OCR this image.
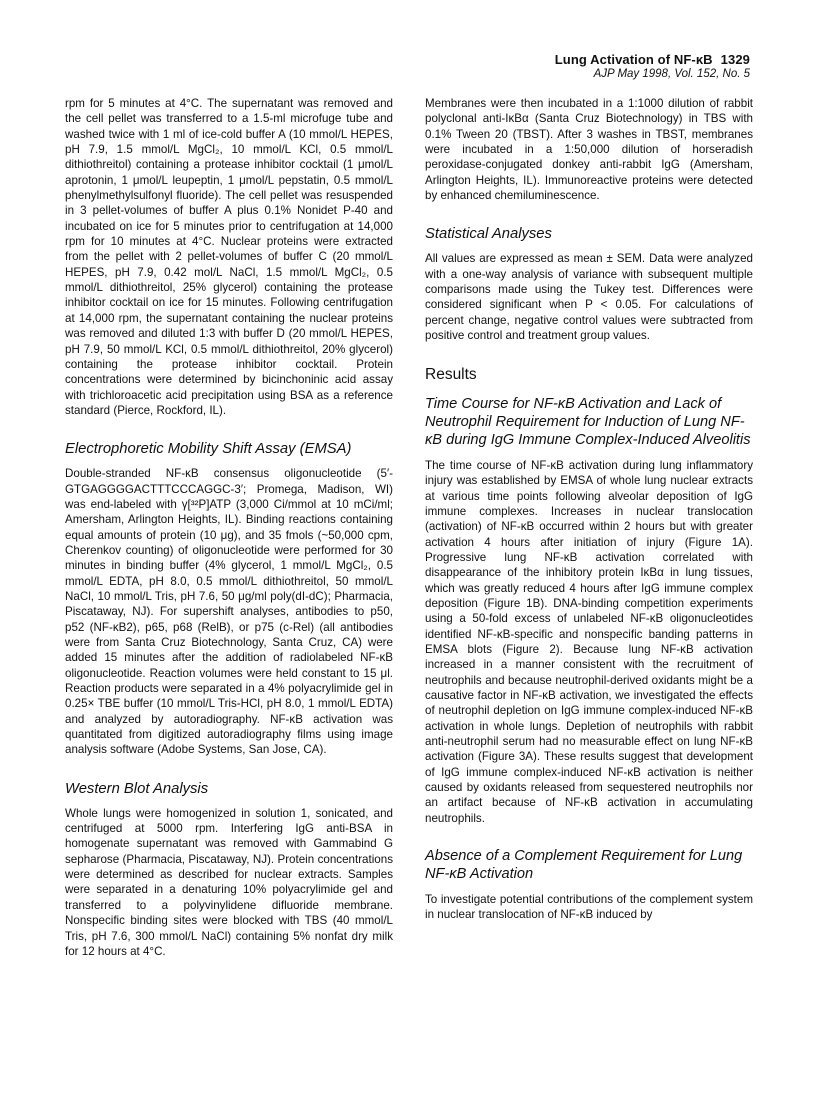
Lung Activation of NF-κB 1329
AJP May 1998, Vol. 152, No. 5

rpm for 5 minutes at 4°C. The supernatant was removed and the cell pellet was transferred to a 1.5-ml microfuge tube and washed twice with 1 ml of ice-cold buffer A (10 mmol/L HEPES, pH 7.9, 1.5 mmol/L MgCl₂, 10 mmol/L KCl, 0.5 mmol/L dithiothreitol) containing a protease inhibitor cocktail (1 μmol/L aprotonin, 1 μmol/L leupeptin, 1 μmol/L pepstatin, 0.5 mmol/L phenylmethylsulfonyl fluoride). The cell pellet was resuspended in 3 pellet-volumes of buffer A plus 0.1% Nonidet P-40 and incubated on ice for 5 minutes prior to centrifugation at 14,000 rpm for 10 minutes at 4°C. Nuclear proteins were extracted from the pellet with 2 pellet-volumes of buffer C (20 mmol/L HEPES, pH 7.9, 0.42 mol/L NaCl, 1.5 mmol/L MgCl₂, 0.5 mmol/L dithiothreitol, 25% glycerol) containing the protease inhibitor cocktail on ice for 15 minutes. Following centrifugation at 14,000 rpm, the supernatant containing the nuclear proteins was removed and diluted 1:3 with buffer D (20 mmol/L HEPES, pH 7.9, 50 mmol/L KCl, 0.5 mmol/L dithiothreitol, 20% glycerol) containing the protease inhibitor cocktail. Protein concentrations were determined by bicinchoninic acid assay with trichloroacetic acid precipitation using BSA as a reference standard (Pierce, Rockford, IL).

Electrophoretic Mobility Shift Assay (EMSA)

Double-stranded NF-κB consensus oligonucleotide (5′-GTGAGGGGACTTTCCCAGGC-3′; Promega, Madison, WI) was end-labeled with γ[³²P]ATP (3,000 Ci/mmol at 10 mCi/ml; Amersham, Arlington Heights, IL). Binding reactions containing equal amounts of protein (10 μg), and 35 fmols (~50,000 cpm, Cherenkov counting) of oligonucleotide were performed for 30 minutes in binding buffer (4% glycerol, 1 mmol/L MgCl₂, 0.5 mmol/L EDTA, pH 8.0, 0.5 mmol/L dithiothreitol, 50 mmol/L NaCl, 10 mmol/L Tris, pH 7.6, 50 μg/ml poly(dI-dC); Pharmacia, Piscataway, NJ). For supershift analyses, antibodies to p50, p52 (NF-κB2), p65, p68 (RelB), or p75 (c-Rel) (all antibodies were from Santa Cruz Biotechnology, Santa Cruz, CA) were added 15 minutes after the addition of radiolabeled NF-κB oligonucleotide. Reaction volumes were held constant to 15 μl. Reaction products were separated in a 4% polyacrylimide gel in 0.25× TBE buffer (10 mmol/L Tris-HCl, pH 8.0, 1 mmol/L EDTA) and analyzed by autoradiography. NF-κB activation was quantitated from digitized autoradiography films using image analysis software (Adobe Systems, San Jose, CA).

Western Blot Analysis

Whole lungs were homogenized in solution 1, sonicated, and centrifuged at 5000 rpm. Interfering IgG anti-BSA in homogenate supernatant was removed with Gammabind G sepharose (Pharmacia, Piscataway, NJ). Protein concentrations were determined as described for nuclear extracts. Samples were separated in a denaturing 10% polyacrylimide gel and transferred to a polyvinylidene difluoride membrane. Nonspecific binding sites were blocked with TBS (40 mmol/L Tris, pH 7.6, 300 mmol/L NaCl) containing 5% nonfat dry milk for 12 hours at 4°C.

Membranes were then incubated in a 1:1000 dilution of rabbit polyclonal anti-IκBα (Santa Cruz Biotechnology) in TBS with 0.1% Tween 20 (TBST). After 3 washes in TBST, membranes were incubated in a 1:50,000 dilution of horseradish peroxidase-conjugated donkey anti-rabbit IgG (Amersham, Arlington Heights, IL). Immunoreactive proteins were detected by enhanced chemiluminescence.

Statistical Analyses

All values are expressed as mean ± SEM. Data were analyzed with a one-way analysis of variance with subsequent multiple comparisons made using the Tukey test. Differences were considered significant when P < 0.05. For calculations of percent change, negative control values were subtracted from positive control and treatment group values.

Results
Time Course for NF-κB Activation and Lack of Neutrophil Requirement for Induction of Lung NF-κB during IgG Immune Complex-Induced Alveolitis

The time course of NF-κB activation during lung inflammatory injury was established by EMSA of whole lung nuclear extracts at various time points following alveolar deposition of IgG immune complexes. Increases in nuclear translocation (activation) of NF-κB occurred within 2 hours but with greater activation 4 hours after initiation of injury (Figure 1A). Progressive lung NF-κB activation correlated with disappearance of the inhibitory protein IκBα in lung tissues, which was greatly reduced 4 hours after IgG immune complex deposition (Figure 1B). DNA-binding competition experiments using a 50-fold excess of unlabeled NF-κB oligonucleotides identified NF-κB-specific and nonspecific banding patterns in EMSA blots (Figure 2). Because lung NF-κB activation increased in a manner consistent with the recruitment of neutrophils and because neutrophil-derived oxidants might be a causative factor in NF-κB activation, we investigated the effects of neutrophil depletion on IgG immune complex-induced NF-κB activation in whole lungs. Depletion of neutrophils with rabbit anti-neutrophil serum had no measurable effect on lung NF-κB activation (Figure 3A). These results suggest that development of IgG immune complex-induced NF-κB activation is neither caused by oxidants released from sequestered neutrophils nor an artifact because of NF-κB activation in accumulating neutrophils.

Absence of a Complement Requirement for Lung NF-κB Activation

To investigate potential contributions of the complement system in nuclear translocation of NF-κB induced by
